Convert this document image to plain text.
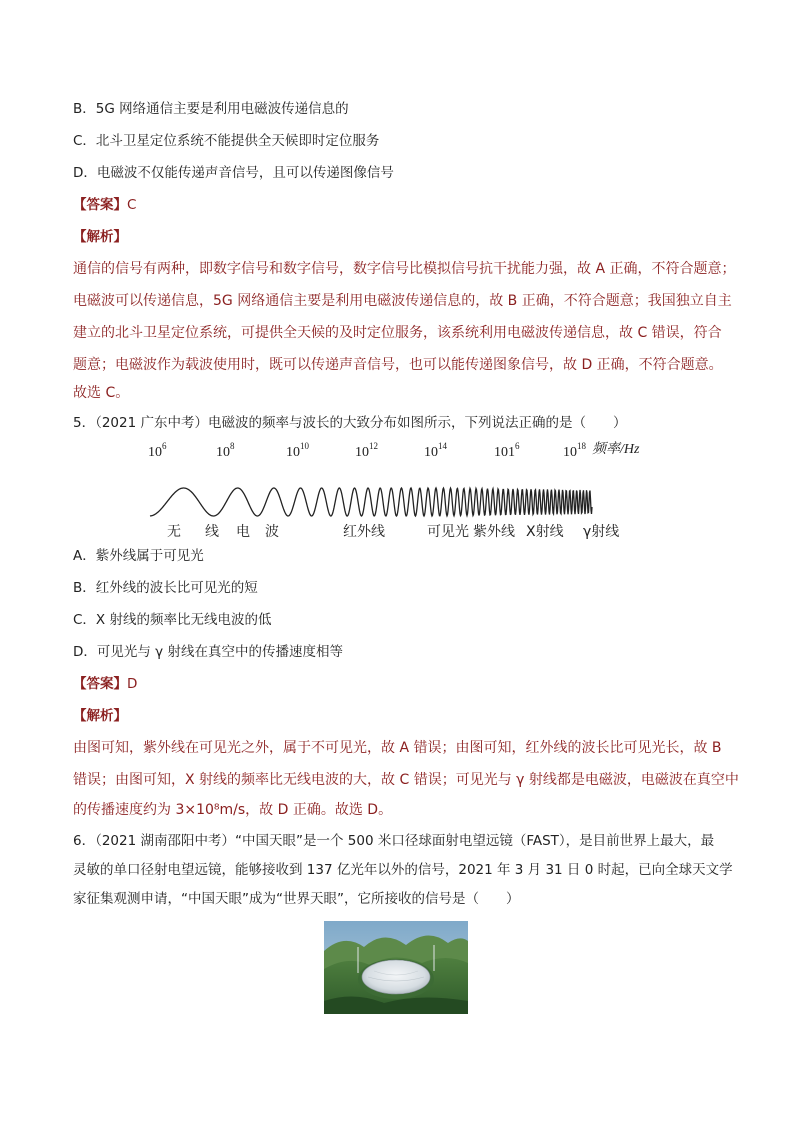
B．5G 网络通信主要是利用电磁波传递信息的
C．北斗卫星定位系统不能提供全天候即时定位服务
D．电磁波不仅能传递声音信号，且可以传递图像信号
【答案】C
【解析】
通信的信号有两种，即数字信号和数字信号，数字信号比模拟信号抗干扰能力强，故 A 正确，不符合题意；
电磁波可以传递信息，5G 网络通信主要是利用电磁波传递信息的，故 B 正确，不符合题意；我国独立自主
建立的北斗卫星定位系统，可提供全天候的及时定位服务，该系统利用电磁波传递信息，故 C 错误，符合
题意；电磁波作为载波使用时，既可以传递声音信号，也可以能传递图象信号，故 D 正确，不符合题意。
故选 C。
5．（2021 广东中考）电磁波的频率与波长的大致分布如图所示，下列说法正确的是（　　）
$10^6$	$10^8$	$10^{10}$	$10^{12}$	$10^{14}$	$101^6$	$10^{18}$ 频率/Hz
无 线 电 波	红外线	可见光 紫外线 X射线 γ射线
A．紫外线属于可见光
B．红外线的波长比可见光的短
C．X 射线的频率比无线电波的低
D．可见光与 γ 射线在真空中的传播速度相等
【答案】D
【解析】
由图可知，紫外线在可见光之外，属于不可见光，故 A 错误；由图可知，红外线的波长比可见光长，故 B
错误；由图可知，X 射线的频率比无线电波的大，故 C 错误；可见光与 γ 射线都是电磁波，电磁波在真空中
的传播速度约为 3×10⁸m/s，故 D 正确。故选 D。
6．（2021 湖南邵阳中考）“中国天眼”是一个 500 米口径球面射电望远镜（FAST），是目前世界上最大，最
灵敏的单口径射电望远镜，能够接收到 137 亿光年以外的信号，2021 年 3 月 31 日 0 时起，已向全球天文学
家征集观测申请，“中国天眼”成为“世界天眼”，它所接收的信号是（　　）
